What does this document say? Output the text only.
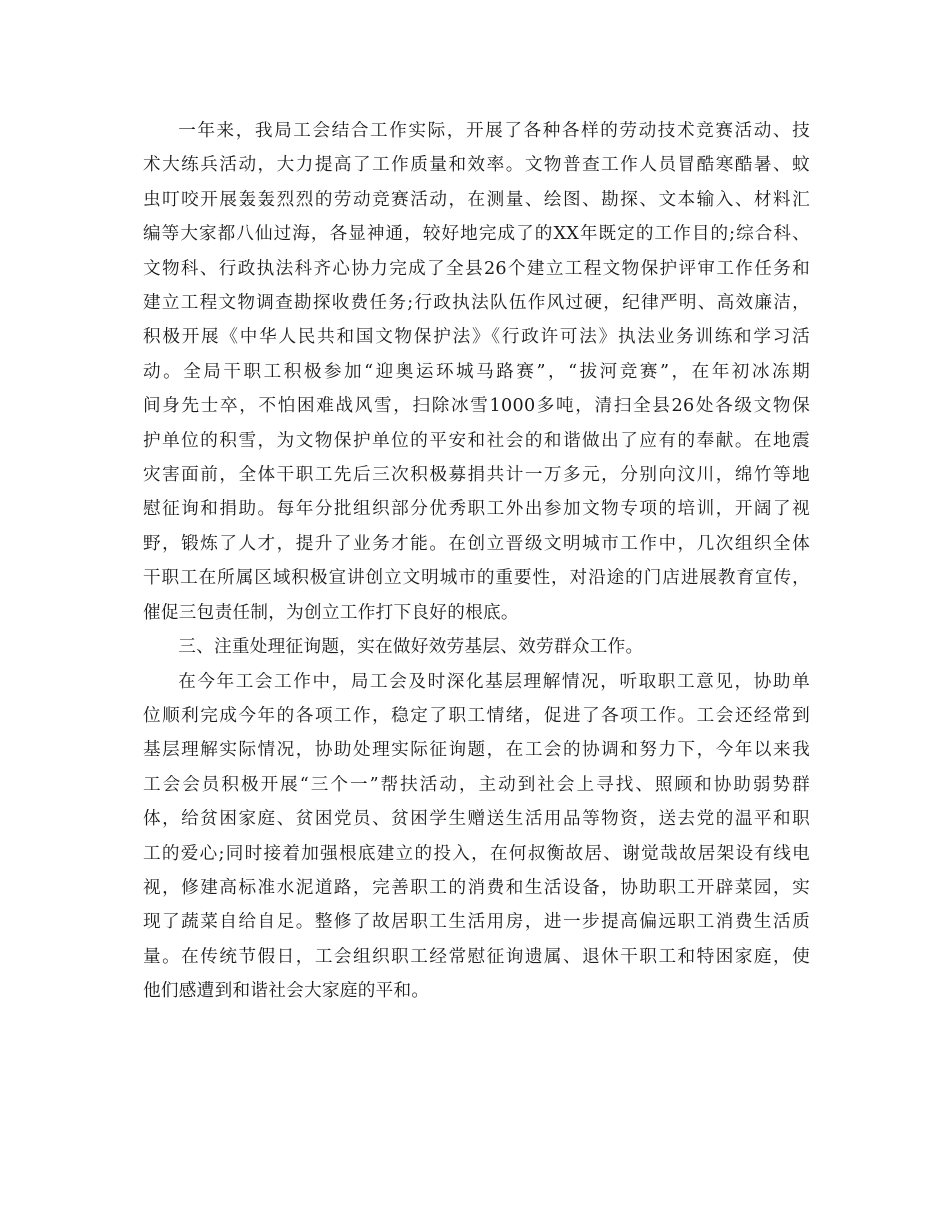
一年来，我局工会结合工作实际，开展了各种各样的劳动技术竞赛活动、技
术大练兵活动，大力提高了工作质量和效率。文物普查工作人员冒酷寒酷暑、蚊
虫叮咬开展轰轰烈烈的劳动竞赛活动，在测量、绘图、勘探、文本输入、材料汇
编等大家都八仙过海，各显神通，较好地完成了的XX年既定的工作目的;综合科、
文物科、行政执法科齐心协力完成了全县26个建立工程文物保护评审工作任务和
建立工程文物调查勘探收费任务;行政执法队伍作风过硬，纪律严明、高效廉洁，
积极开展《中华人民共和国文物保护法》《行政许可法》执法业务训练和学习活
动。全局干职工积极参加“迎奥运环城马路赛”，“拔河竞赛”，在年初冰冻期
间身先士卒，不怕困难战风雪，扫除冰雪1000多吨，清扫全县26处各级文物保
护单位的积雪，为文物保护单位的平安和社会的和谐做出了应有的奉献。在地震
灾害面前，全体干职工先后三次积极募捐共计一万多元，分别向汶川，绵竹等地
慰征询和捐助。每年分批组织部分优秀职工外出参加文物专项的培训，开阔了视
野，锻炼了人才，提升了业务才能。在创立晋级文明城市工作中，几次组织全体
干职工在所属区域积极宣讲创立文明城市的重要性，对沿途的门店进展教育宣传，
催促三包责任制，为创立工作打下良好的根底。
三、注重处理征询题，实在做好效劳基层、效劳群众工作。
在今年工会工作中，局工会及时深化基层理解情况，听取职工意见，协助单
位顺利完成今年的各项工作，稳定了职工情绪，促进了各项工作。工会还经常到
基层理解实际情况，协助处理实际征询题，在工会的协调和努力下，今年以来我
工会会员积极开展“三个一”帮扶活动，主动到社会上寻找、照顾和协助弱势群
体，给贫困家庭、贫困党员、贫困学生赠送生活用品等物资，送去党的温平和职
工的爱心;同时接着加强根底建立的投入，在何叔衡故居、谢觉哉故居架设有线电
视，修建高标准水泥道路，完善职工的消费和生活设备，协助职工开辟菜园，实
现了蔬菜自给自足。整修了故居职工生活用房，进一步提高偏远职工消费生活质
量。在传统节假日，工会组织职工经常慰征询遗属、退休干职工和特困家庭，使
他们感遭到和谐社会大家庭的平和。
